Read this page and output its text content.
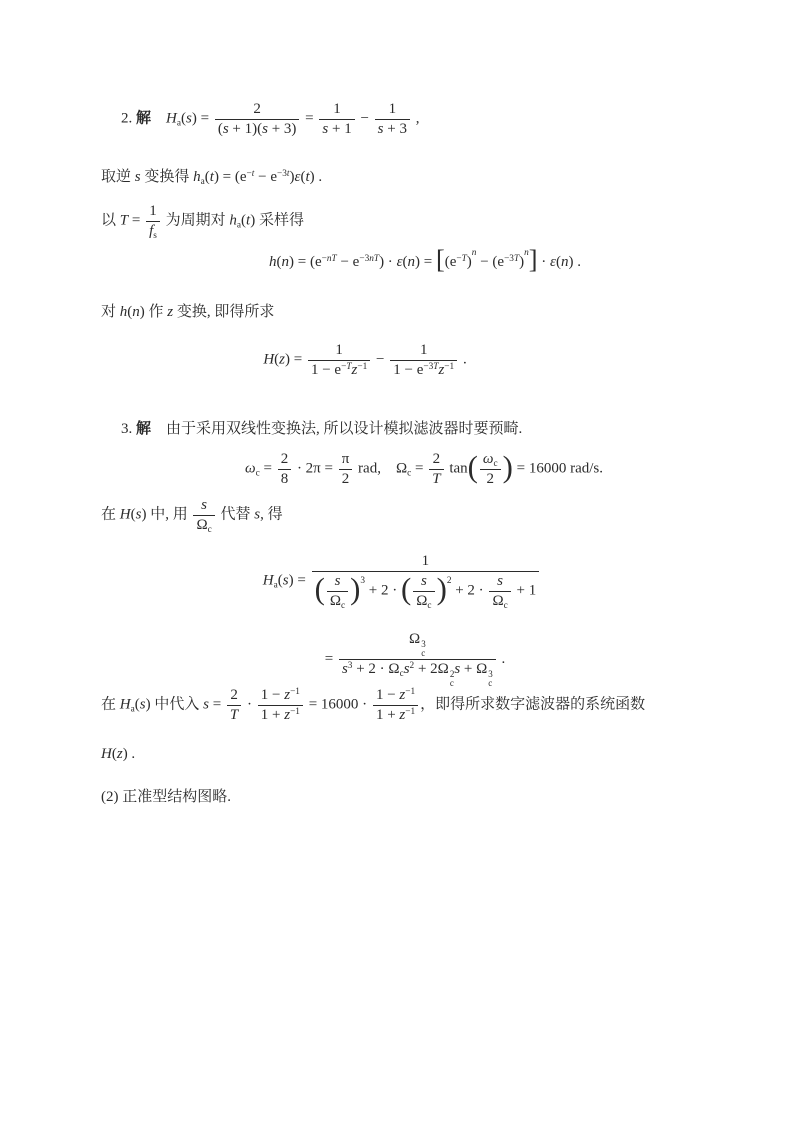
2. 解  $H_a(s) = \frac{2}{(s + 1)(s + 3)} = \frac{1}{s + 1} - \frac{1}{s + 3}$ ,
取逆 s 变换得 $h_a(t) = (e^{-t} - e^{-3t})\varepsilon(t)$ .
以 $T = \frac{1}{f_s}$ 为周期对 $h_a(t)$ 采样得
$h(n) = (e^{-nT} - e^{-3nT}) \cdot \varepsilon(n) = [(e^{-T})^n - (e^{-3T})^n] \cdot \varepsilon(n)$ .
对 h(n) 作 z 变换, 即得所求
$H(z) = \frac{1}{1 - e^{-T}z^{-1}} - \frac{1}{1 - e^{-3T}z^{-1}}$ .
3. 解 由于采用双线性变换法, 所以设计模拟滤波器时要预畸.
$\omega_c = \frac{2}{8} \cdot 2\pi = \frac{\pi}{2}$ rad, $\Omega_c = \frac{2}{T} \tan( \frac{\omega_c}{2}$ ) = 16000 rad/s.
在 H(s) 中, 用 $\frac{s}{\Omega_c}$ 代替 s, 得
$H_a(s)$ =
1
( $\frac{s}{\Omega_c} )^3 + 2$ · ( $\frac{s}{\Omega_c} )^2 + 2 \cdot \frac{s}{\Omega_c} + 1$
=
Ω 3
c
$s^3 + 2 \cdot \Omega_cs^2 + 2\Omega$ 2
c
s + Ω 3
c
.
在 $H_a(s)$ 中代入 $s = \frac{2}{T} \cdot \frac{1 - z^{-1}}{1 + z^{-1}} = 16000 \cdot \frac{1 - z^{-1}}{1 + z^{-1}}$ ，即得所求数字滤波器的系统函数
H(z) .
(2) 正准型结构图略.
